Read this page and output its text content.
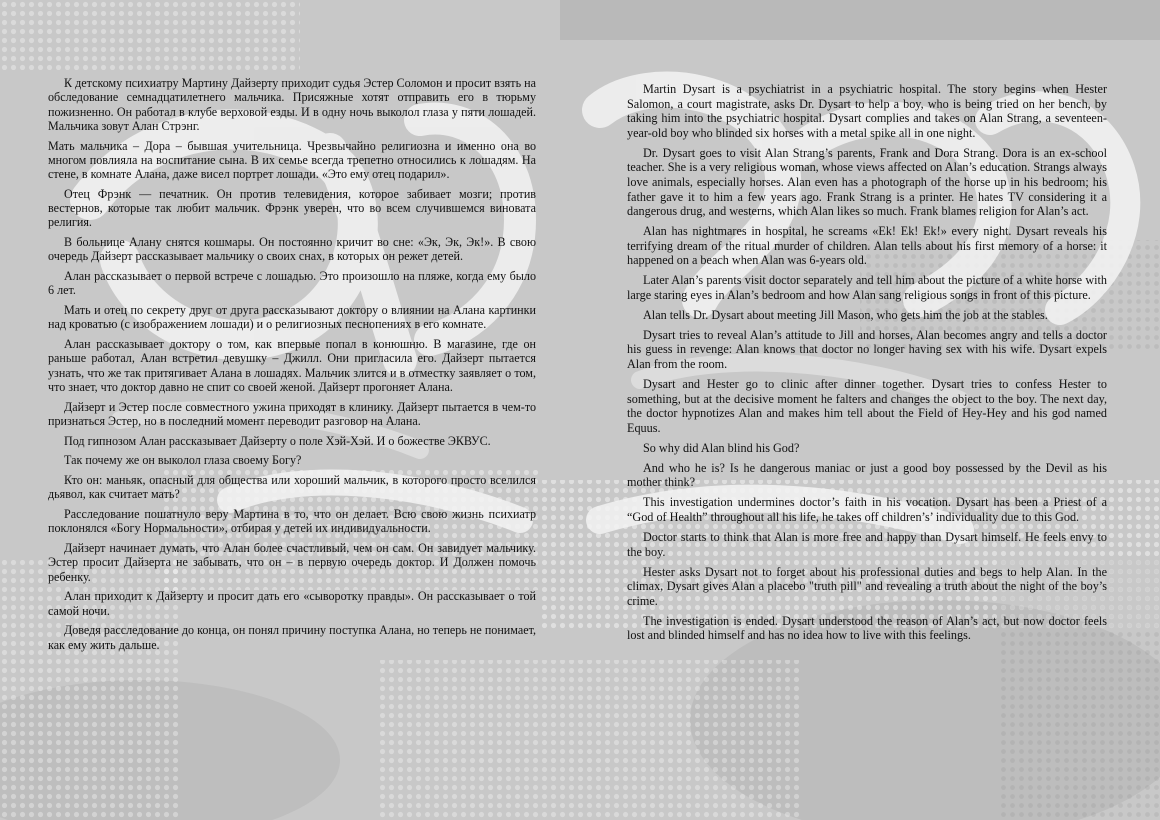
К детскому психиатру Мартину Дайзерту приходит судья Эстер Соломон и просит взять на обследование семнадцатилетнего мальчика. Присяжные хотят отправить его в тюрьму пожизненно. Он работал в клубе верховой езды. И в одну ночь выколол глаза у пяти лошадей. Мальчика зовут Алан Стрэнг.

Мать мальчика – Дора – бывшая учительница. Чрезвычайно религиозна и именно она во многом повлияла на воспитание сына. В их семье всегда трепетно относились к лошадям. На стене, в комнате Алана, даже висел портрет лошади. «Это ему отец подарил».

Отец Фрэнк — печатник. Он против телевидения, которое забивает мозги; против вестернов, которые так любит мальчик. Фрэнк уверен, что во всем случившемся виновата религия.

В больнице Алану снятся кошмары. Он постоянно кричит во сне: «Эк, Эк, Эк!». В свою очередь Дайзерт рассказывает мальчику о своих снах, в которых он режет детей.

Алан рассказывает о первой встрече с лошадью. Это произошло на пляже, когда ему было 6 лет.

Мать и отец по секрету друг от друга рассказывают доктору о влиянии на Алана картинки над кроватью (с изображением лошади) и о религиозных песнопениях в его комнате.

Алан рассказывает доктору о том, как впервые попал в конюшню. В магазине, где он раньше работал, Алан встретил девушку – Джилл. Они пригласила его. Дайзерт пытается узнать, что же так притягивает Алана в лошадях. Мальчик злится и в отместку заявляет о том, что знает, что доктор давно не спит со своей женой. Дайзерт прогоняет Алана.

Дайзерт и Эстер после совместного ужина приходят в клинику. Дайзерт пытается в чем-то признаться Эстер, но в последний момент переводит разговор на Алана.

Под гипнозом Алан рассказывает Дайзерту о поле Хэй-Хэй. И о божестве ЭКВУС.

Так почему же он выколол глаза своему Богу?

Кто он: маньяк, опасный для общества или хороший мальчик, в которого просто вселился дьявол, как считает мать?

Расследование пошатнуло веру Мартина в то, что он делает. Всю свою жизнь психиатр поклонялся «Богу Нормальности», отбирая у детей их индивидуальности.

Дайзерт начинает думать, что Алан более счастливый, чем он сам. Он завидует мальчику. Эстер просит Дайзерта не забывать, что он – в первую очередь доктор. И Должен помочь ребенку.

Алан приходит к Дайзерту и просит дать его «сыворотку правды». Он рассказывает о той самой ночи.

Доведя расследование до конца, он понял причину поступка Алана, но теперь не понимает, как ему жить дальше.

Martin Dysart is a psychiatrist in a psychiatric hospital. The story begins when Hester Salomon, a court magistrate, asks Dr. Dysart to help a boy, who is being tried on her bench, by taking him into the psychiatric hospital. Dysart complies and takes on Alan Strang, a seventeen-year-old boy who blinded six horses with a metal spike all in one night.

Dr. Dysart goes to visit Alan Strang’s parents, Frank and Dora Strang. Dora is an ex-school teacher. She is a very religious woman, whose views affected on Alan’s education. Strangs always love animals, especially horses. Alan even has a photograph of the horse up in his bedroom; his father gave it to him a few years ago. Frank Strang is a printer. He hates TV considering it a dangerous drug, and westerns, which Alan likes so much. Frank blames religion for Alan’s act.

Alan has nightmares in hospital, he screams «Ek! Ek! Ek!» every night. Dysart reveals his terrifying dream of the ritual murder of children. Alan tells about his first memory of a horse: it happened on a beach when Alan was 6-years old.

Later Alan’s parents visit doctor separately and tell him about the picture of a white horse with large staring eyes in Alan’s bedroom and how Alan sang religious songs in front of this picture.

Alan tells Dr. Dysart about meeting Jill Mason, who gets him the job at the stables.

Dysart tries to reveal Alan’s attitude to Jill and horses, Alan becomes angry and tells a doctor his guess in revenge: Alan knows that doctor no longer having sex with his wife. Dysart expels Alan from the room.

Dysart and Hester go to clinic after dinner together. Dysart tries to confess Hester to something, but at the decisive moment he falters and changes the object to the boy. The next day, the doctor hypnotizes Alan and makes him tell about the Field of Hey-Hey and his god named Equus.

So why did Alan blind his God?

And who he is? Is he dangerous maniac or just a good boy possessed by the Devil as his mother think?

This investigation undermines doctor’s faith in his vocation. Dysart has been a Priest of a “God of Health” throughout all his life, he takes off children’s’ individuality due to this God.

Doctor starts to think that Alan is more free and happy than Dysart himself. He feels envy to the boy.

Hester asks Dysart not to forget about his professional duties and begs to help Alan. In the climax, Dysart gives Alan a placebo "truth pill" and revealing a truth about the night of the boy’s crime.

The investigation is ended. Dysart understood the reason of Alan’s act, but now doctor feels lost and blinded himself and has no idea how to live with this feelings.
